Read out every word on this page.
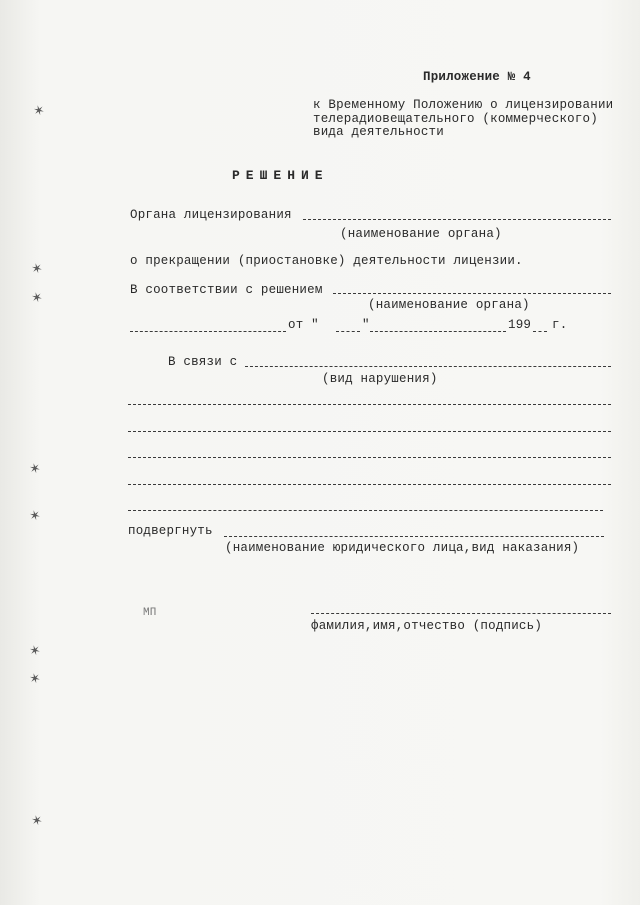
✶
✶
✶
✶
✶
✶
✶
✶
Приложение № 4
к Временному Положению о лицензировании
телерадиовещательного (коммерческого)
вида деятельности
РЕШЕНИЕ
Органа лицензирования
(наименование органа)
о прекращении (приостановке) деятельности лицензии.
В соответствии с решением
(наименование органа)
от "	"	199 г.
В связи с
(вид нарушения)
подвергнуть
(наименование юридического лица,вид наказания)
МП
фамилия,имя,отчество (подпись)
